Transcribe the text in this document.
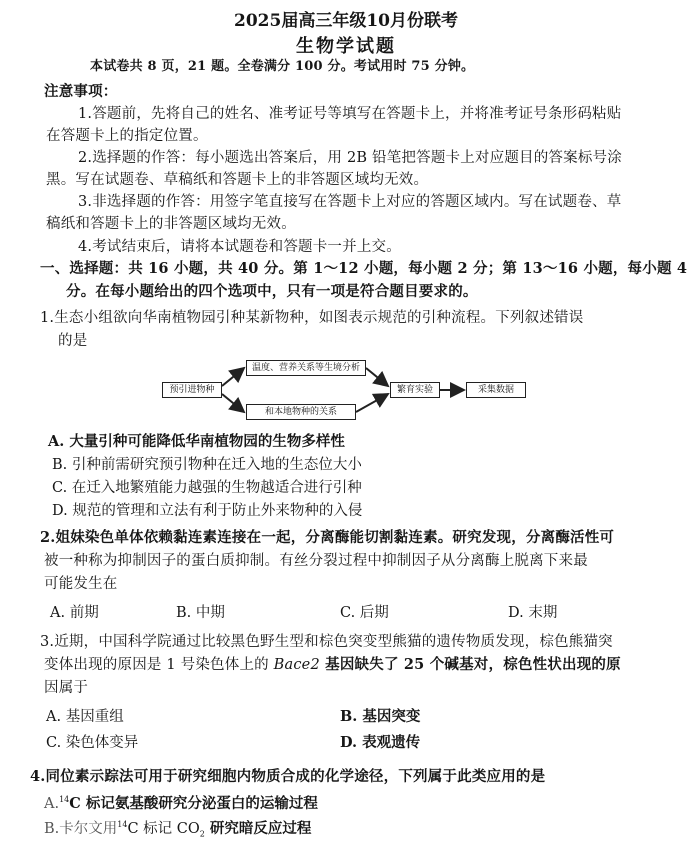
2025届高三年级10月份联考
生物学试题
本试卷共 8 页，21 题。全卷满分 100 分。考试用时 75 分钟。
注意事项：
1.答题前，先将自己的姓名、准考证号等填写在答题卡上，并将准考证号条形码粘贴
在答题卡上的指定位置。
2.选择题的作答：每小题选出答案后，用 2B 铅笔把答题卡上对应题目的答案标号涂
黑。写在试题卷、草稿纸和答题卡上的非答题区域均无效。
3.非选择题的作答：用签字笔直接写在答题卡上对应的答题区域内。写在试题卷、草
稿纸和答题卡上的非答题区域均无效。
4.考试结束后，请将本试题卷和答题卡一并上交。
一、选择题：共 16 小题，共 40 分。第 1～12 小题，每小题 2 分；第 13～16 小题，每小题 4
分。在每小题给出的四个选项中，只有一项是符合题目要求的。
1.生态小组欲向华南植物园引种某新物种，如图表示规范的引种流程。下列叙述错误
的是
预引进物种
温度、营养关系等生境分析
和本地物种的关系
繁育实验	采集数据
A. 大量引种可能降低华南植物园的生物多样性
B. 引种前需研究预引物种在迁入地的生态位大小
C. 在迁入地繁殖能力越强的生物越适合进行引种
D. 规范的管理和立法有利于防止外来物种的入侵
2.姐妹染色单体依赖黏连素连接在一起，分离酶能切割黏连素。研究发现，分离酶活性可
被一种称为抑制因子的蛋白质抑制。有丝分裂过程中抑制因子从分离酶上脱离下来最
可能发生在
A. 前期	B. 中期	C. 后期	D. 末期
3.近期，中国科学院通过比较黑色野生型和棕色突变型熊猫的遗传物质发现，棕色熊猫突
变体出现的原因是 1 号染色体上的 Bace2 基因缺失了 25 个碱基对，棕色性状出现的原
因属于
A. 基因重组	B. 基因突变
C. 染色体变异	D. 表观遗传
4.同位素示踪法可用于研究细胞内物质合成的化学途径，下列属于此类应用的是
A.$^{14}$C 标记氨基酸研究分泌蛋白的运输过程
B.卡尔文用$^{14}$C 标记 $CO_2$ 研究暗反应过程
